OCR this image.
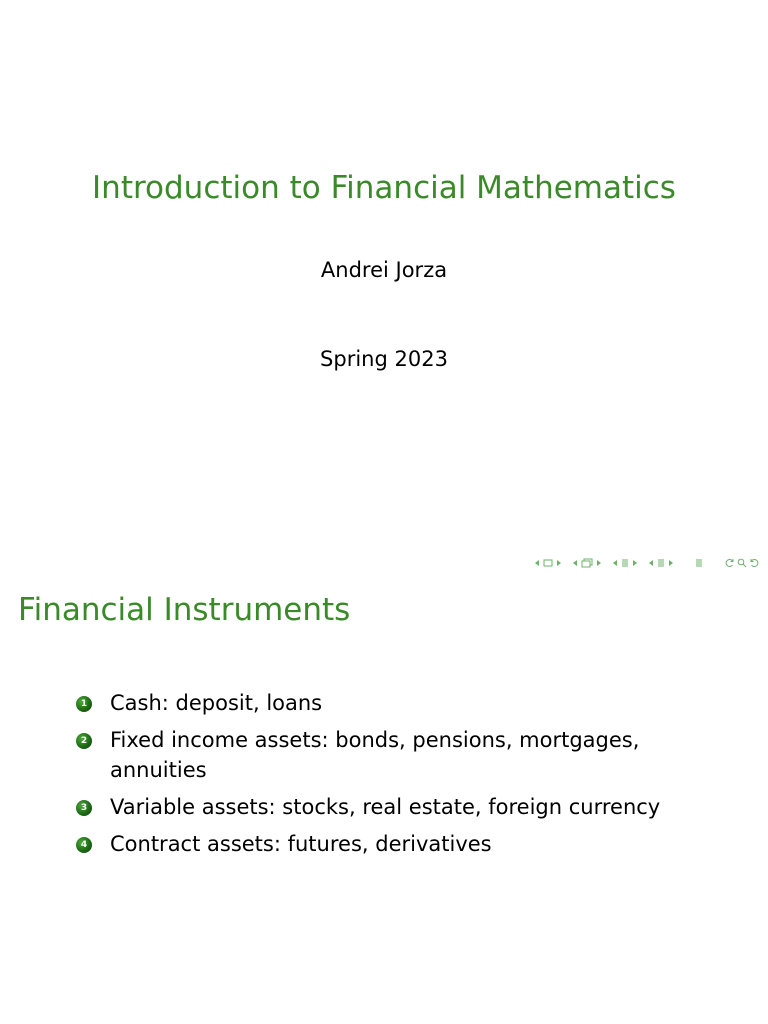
Introduction to Financial Mathematics
Andrei Jorza
Spring 2023
Financial Instruments
1 Cash: deposit, loans
2 Fixed income assets: bonds, pensions, mortgages, annuities
3 Variable assets: stocks, real estate, foreign currency
4 Contract assets: futures, derivatives
